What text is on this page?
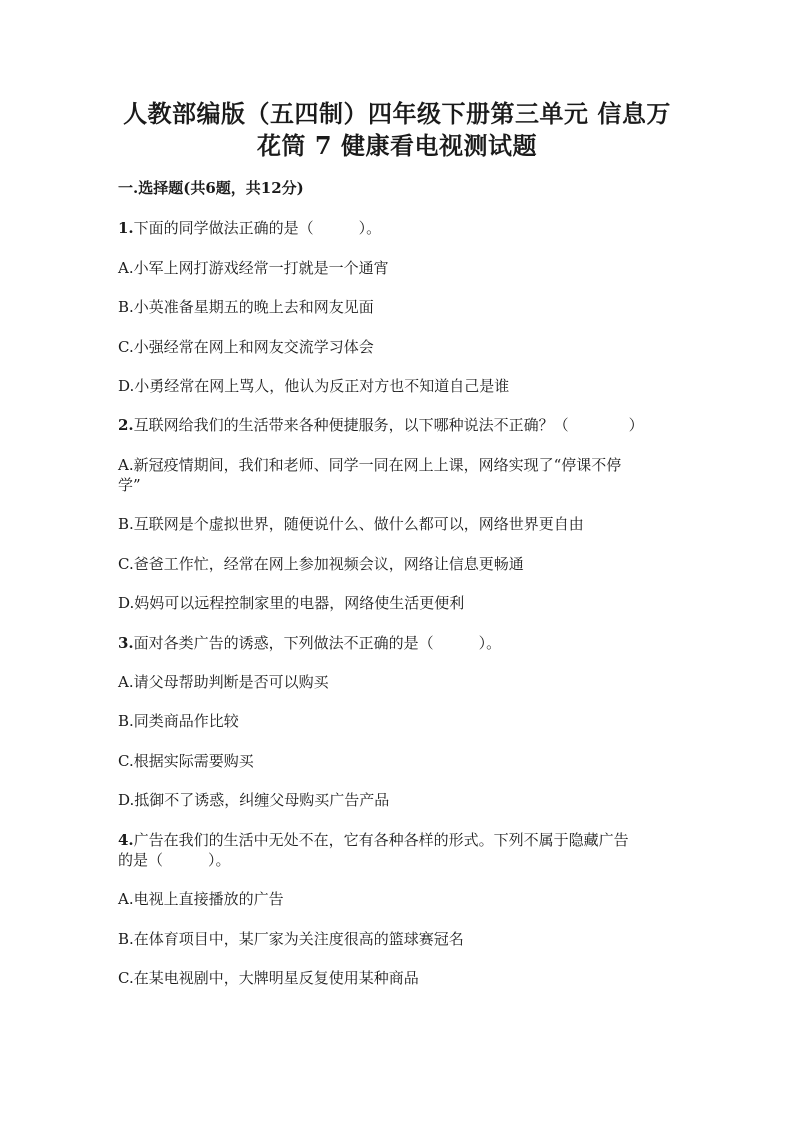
人教部编版（五四制）四年级下册第三单元 信息万
花筒 7 健康看电视测试题
一.选择题(共6题，共12分)
1.下面的同学做法正确的是（　　　）。
A.小军上网打游戏经常一打就是一个通宵
B.小英准备星期五的晚上去和网友见面
C.小强经常在网上和网友交流学习体会
D.小勇经常在网上骂人，他认为反正对方也不知道自己是谁
2.互联网给我们的生活带来各种便捷服务，以下哪种说法不正确？（　　　　）
A.新冠疫情期间，我们和老师、同学一同在网上上课，网络实现了“停课不停
学”
B.互联网是个虚拟世界，随便说什么、做什么都可以，网络世界更自由
C.爸爸工作忙，经常在网上参加视频会议，网络让信息更畅通
D.妈妈可以远程控制家里的电器，网络使生活更便利
3.面对各类广告的诱惑，下列做法不正确的是（　　　）。
A.请父母帮助判断是否可以购买
B.同类商品作比较
C.根据实际需要购买
D.抵御不了诱惑，纠缠父母购买广告产品
4.广告在我们的生活中无处不在，它有各种各样的形式。下列不属于隐藏广告
的是（　　　）。
A.电视上直接播放的广告
B.在体育项目中，某厂家为关注度很高的篮球赛冠名
C.在某电视剧中，大牌明星反复使用某种商品
